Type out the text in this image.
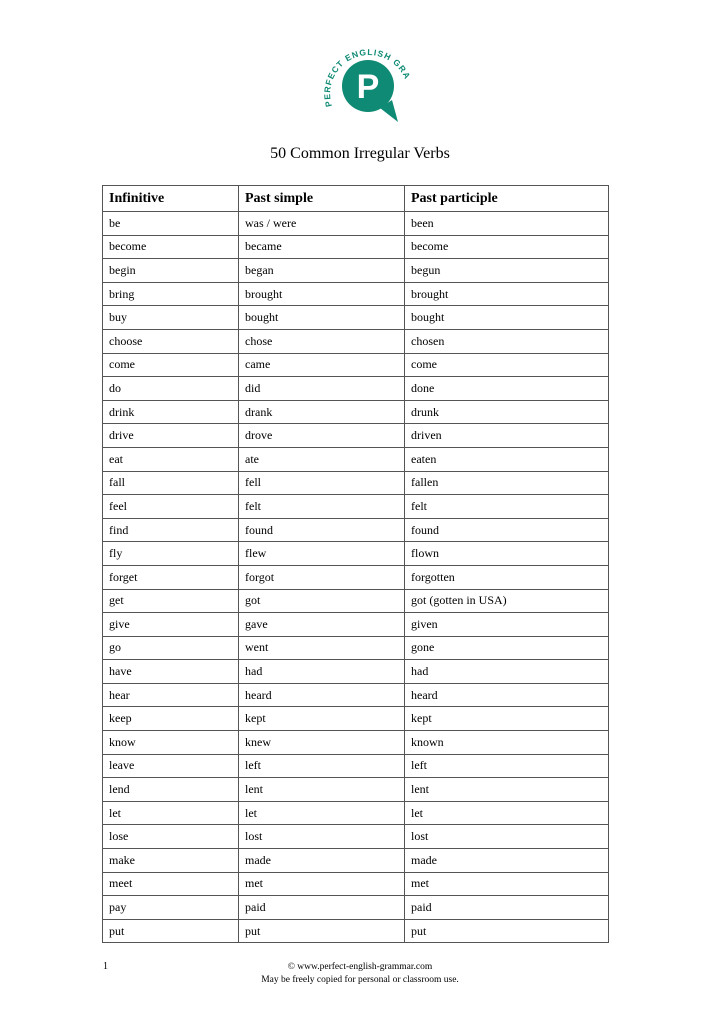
P
PERFECT ENGLISH GRA
50 Common Irregular Verbs
Infinitive	Past simple	Past participle
be	was / were	been
become	became	become
begin	began	begun
bring	brought	brought
buy	bought	bought
choose	chose	chosen
come	came	come
do	did	done
drink	drank	drunk
drive	drove	driven
eat	ate	eaten
fall	fell	fallen
feel	felt	felt
find	found	found
fly	flew	flown
forget	forgot	forgotten
get	got	got (gotten in USA)
give	gave	given
go	went	gone
have	had	had
hear	heard	heard
keep	kept	kept
know	knew	known
leave	left	left
lend	lent	lent
let	let	let
lose	lost	lost
make	made	made
meet	met	met
pay	paid	paid
put	put	put
1	© www.perfect-english-grammar.com
May be freely copied for personal or classroom use.
